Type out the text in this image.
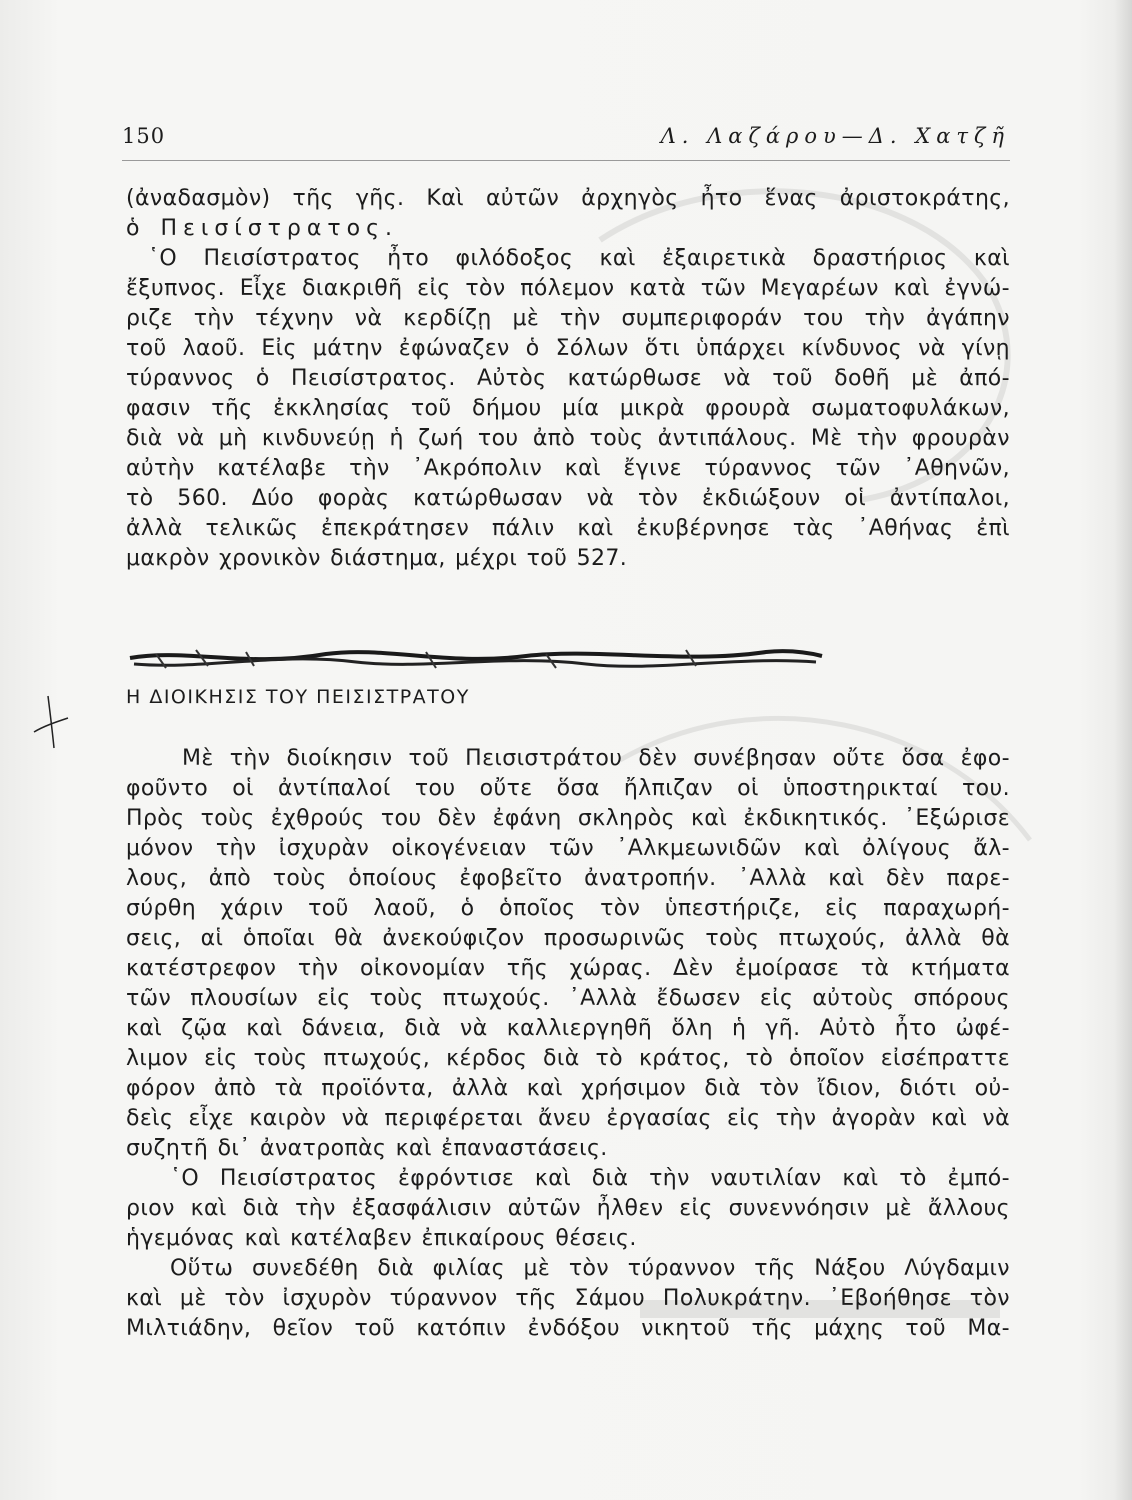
150	Λ. Λαζάρου—Δ. Χατζῆ

(ἀναδασμὸν) τῆς γῆς. Καὶ αὐτῶν ἀρχηγὸς ἦτο ἕνας ἀριστοκράτης,
ὁ Πεισίστρατος.

῾Ο Πεισίστρατος ἦτο φιλόδοξος καὶ ἐξαιρετικὰ δραστήριος καὶ
ἔξυπνος. Εἶχε διακριθῆ εἰς τὸν πόλεμον κατὰ τῶν Μεγαρέων καὶ ἐγνώ-
ριζε τὴν τέχνην νὰ κερδίζῃ μὲ τὴν συμπεριφοράν του τὴν ἀγάπην
τοῦ λαοῦ. Εἰς μάτην ἐφώναζεν ὁ Σόλων ὅτι ὑπάρχει κίνδυνος νὰ γίνῃ
τύραννος ὁ Πεισίστρατος. Αὐτὸς κατώρθωσε νὰ τοῦ δοθῆ μὲ ἀπό-
φασιν τῆς ἐκκλησίας τοῦ δήμου μία μικρὰ φρουρὰ σωματοφυλάκων,
διὰ νὰ μὴ κινδυνεύῃ ἡ ζωή του ἀπὸ τοὺς ἀντιπάλους. Μὲ τὴν φρουρὰν
αὐτὴν κατέλαβε τὴν ᾿Ακρόπολιν καὶ ἔγινε τύραννος τῶν ᾿Αθηνῶν,
τὸ 560. Δύο φορὰς κατώρθωσαν νὰ τὸν ἐκδιώξουν οἱ ἀντίπαλοι,
ἀλλὰ τελικῶς ἐπεκράτησεν πάλιν καὶ ἐκυβέρνησε τὰς ᾿Αθήνας ἐπὶ
μακρὸν χρονικὸν διάστημα, μέχρι τοῦ 527.

Η ΔΙΟΙΚΗΣΙΣ ΤΟΥ ΠΕΙΣΙΣΤΡΑΤΟΥ

Μὲ τὴν διοίκησιν τοῦ Πεισιστράτου δὲν συνέβησαν οὔτε ὅσα ἐφο-
φοῦντο οἱ ἀντίπαλοί του οὔτε ὅσα ἤλπιζαν οἱ ὑποστηρικταί του.
Πρὸς τοὺς ἐχθρούς του δὲν ἐφάνη σκληρὸς καὶ ἐκδικητικός. ᾿Εξώρισε
μόνον τὴν ἰσχυρὰν οἰκογένειαν τῶν ᾿Αλκμεωνιδῶν καὶ ὀλίγους ἄλ-
λους, ἀπὸ τοὺς ὁποίους ἐφοβεῖτο ἀνατροπήν. ᾿Αλλὰ καὶ δὲν παρε-
σύρθη χάριν τοῦ λαοῦ, ὁ ὁποῖος τὸν ὑπεστήριζε, εἰς παραχωρή-
σεις, αἱ ὁποῖαι θὰ ἀνεκούφιζον προσωρινῶς τοὺς πτωχούς, ἀλλὰ θὰ
κατέστρεφον τὴν οἰκονομίαν τῆς χώρας. Δὲν ἐμοίρασε τὰ κτήματα
τῶν πλουσίων εἰς τοὺς πτωχούς. ᾿Αλλὰ ἔδωσεν εἰς αὐτοὺς σπόρους
καὶ ζῷα καὶ δάνεια, διὰ νὰ καλλιεργηθῆ ὅλη ἡ γῆ. Αὐτὸ ἦτο ὠφέ-
λιμον εἰς τοὺς πτωχούς, κέρδος διὰ τὸ κράτος, τὸ ὁποῖον εἰσέπραττε
φόρον ἀπὸ τὰ προϊόντα, ἀλλὰ καὶ χρήσιμον διὰ τὸν ἴδιον, διότι οὐ-
δεὶς εἶχε καιρὸν νὰ περιφέρεται ἄνευ ἐργασίας εἰς τὴν ἀγορὰν καὶ νὰ
συζητῆ δι᾿ ἀνατροπὰς καὶ ἐπαναστάσεις.

῾Ο Πεισίστρατος ἐφρόντισε καὶ διὰ τὴν ναυτιλίαν καὶ τὸ ἐμπό-
ριον καὶ διὰ τὴν ἐξασφάλισιν αὐτῶν ἦλθεν εἰς συνεννόησιν μὲ ἄλλους
ἡγεμόνας καὶ κατέλαβεν ἐπικαίρους θέσεις.

Οὕτω συνεδέθη διὰ φιλίας μὲ τὸν τύραννον τῆς Νάξου Λύγδαμιν
καὶ μὲ τὸν ἰσχυρὸν τύραννον τῆς Σάμου Πολυκράτην. ᾿Εβοήθησε τὸν
Μιλτιάδην, θεῖον τοῦ κατόπιν ἐνδόξου νικητοῦ τῆς μάχης τοῦ Μα-
